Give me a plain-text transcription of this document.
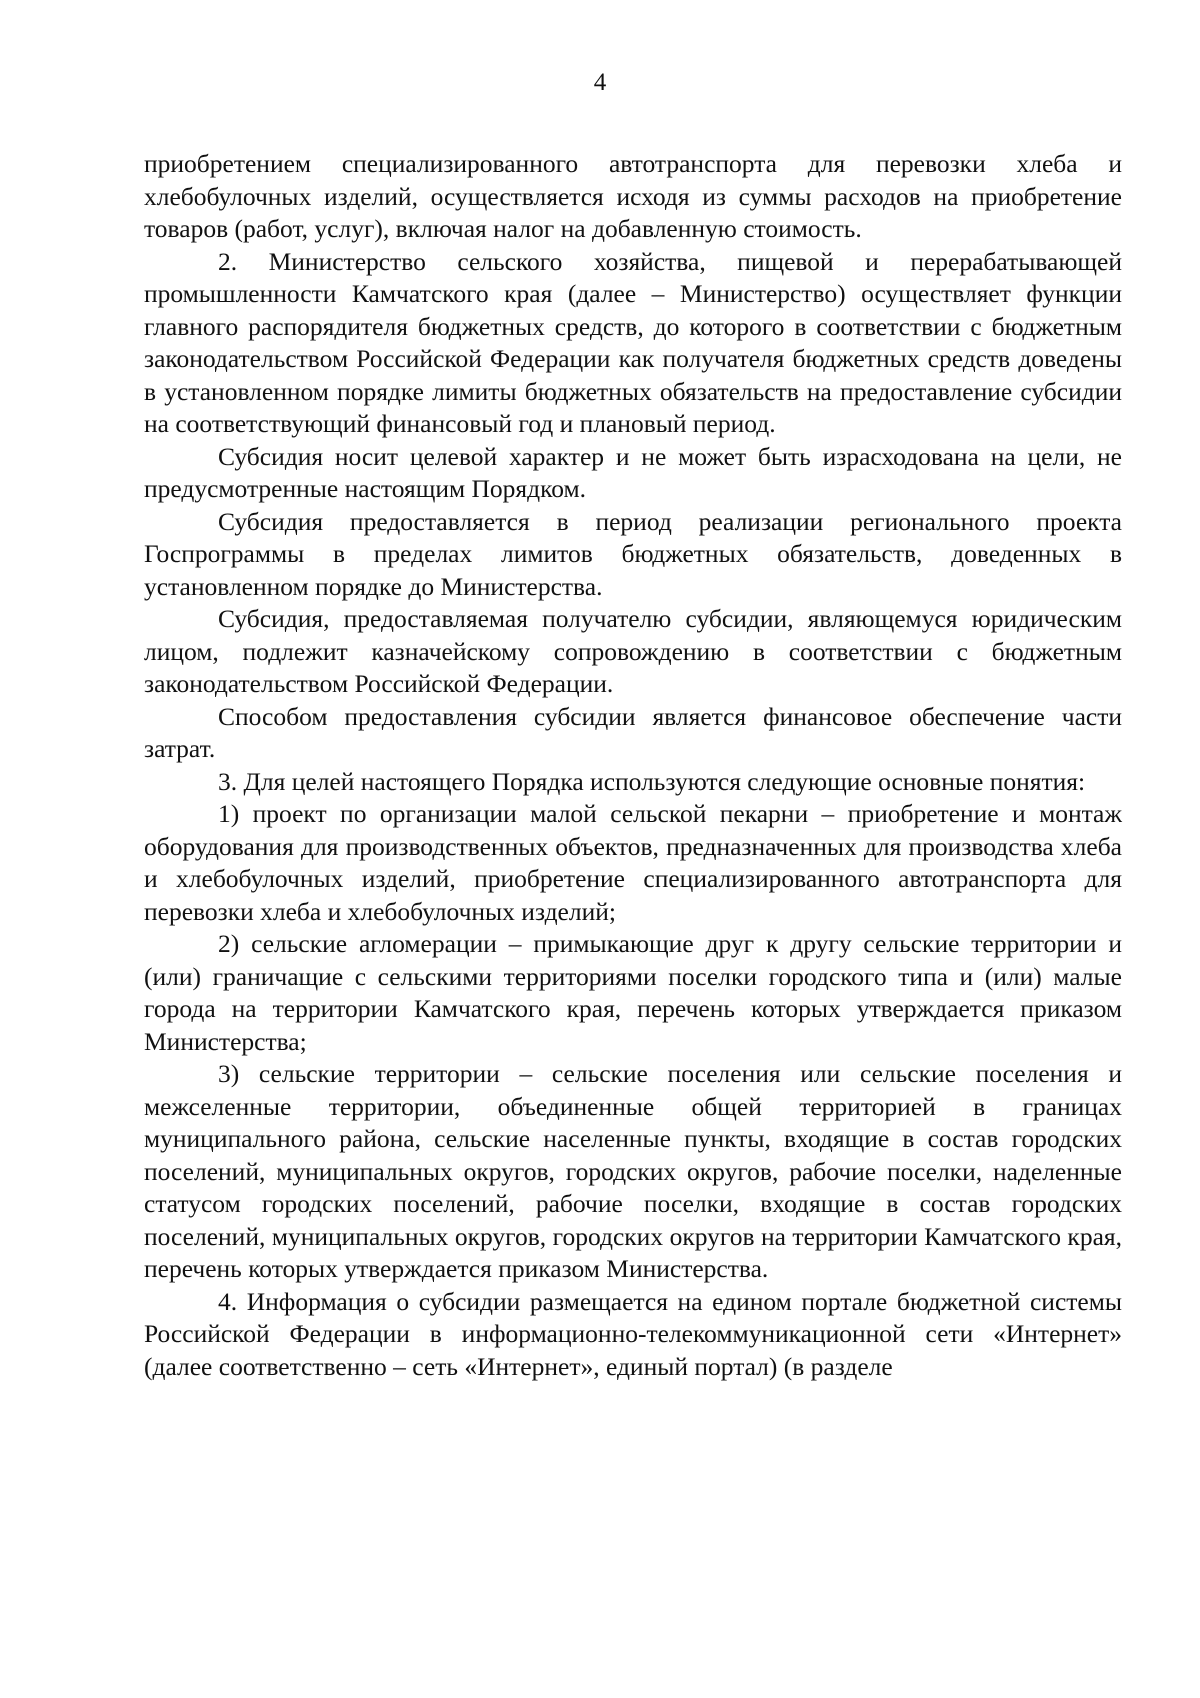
4

приобретением специализированного автотранспорта для перевозки хлеба и хлебобулочных изделий, осуществляется исходя из суммы расходов на приобретение товаров (работ, услуг), включая налог на добавленную стоимость.

2. Министерство сельского хозяйства, пищевой и перерабатывающей промышленности Камчатского края (далее – Министерство) осуществляет функции главного распорядителя бюджетных средств, до которого в соответствии с бюджетным законодательством Российской Федерации как получателя бюджетных средств доведены в установленном порядке лимиты бюджетных обязательств на предоставление субсидии на соответствующий финансовый год и плановый период.

Субсидия носит целевой характер и не может быть израсходована на цели, не предусмотренные настоящим Порядком.

Субсидия предоставляется в период реализации регионального проекта Госпрограммы в пределах лимитов бюджетных обязательств, доведенных в установленном порядке до Министерства.

Субсидия, предоставляемая получателю субсидии, являющемуся юридическим лицом, подлежит казначейскому сопровождению в соответствии с бюджетным законодательством Российской Федерации.

Способом предоставления субсидии является финансовое обеспечение части затрат.

3. Для целей настоящего Порядка используются следующие основные понятия:

1) проект по организации малой сельской пекарни – приобретение и монтаж оборудования для производственных объектов, предназначенных для производства хлеба и хлебобулочных изделий, приобретение специализированного автотранспорта для перевозки хлеба и хлебобулочных изделий;

2) сельские агломерации – примыкающие друг к другу сельские территории и (или) граничащие с сельскими территориями поселки городского типа и (или) малые города на территории Камчатского края, перечень которых утверждается приказом Министерства;

3) сельские территории – сельские поселения или сельские поселения и межселенные территории, объединенные общей территорией в границах муниципального района, сельские населенные пункты, входящие в состав городских поселений, муниципальных округов, городских округов, рабочие поселки, наделенные статусом городских поселений, рабочие поселки, входящие в состав городских поселений, муниципальных округов, городских округов на территории Камчатского края, перечень которых утверждается приказом Министерства.

4. Информация о субсидии размещается на едином портале бюджетной системы Российской Федерации в информационно-телекоммуникационной сети «Интернет» (далее соответственно – сеть «Интернет», единый портал) (в разделе
